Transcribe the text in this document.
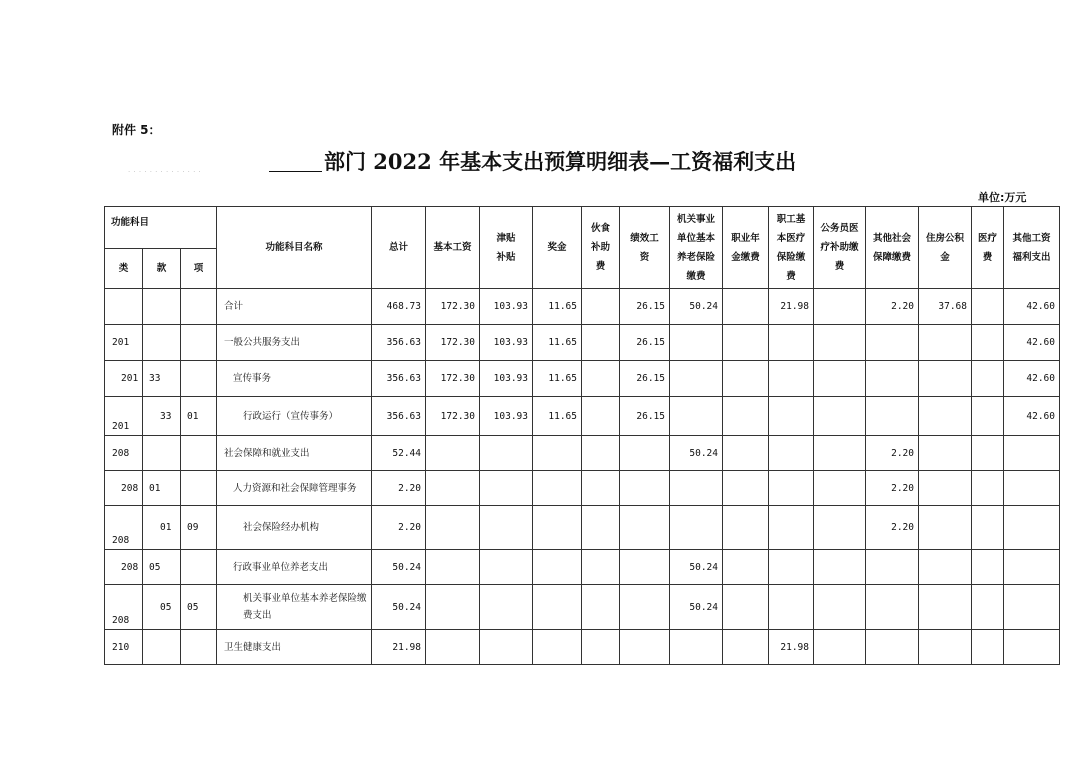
附件 5：
··············	部门 2022 年基本支出预算明细表—工资福利支出
单位:万元
功能科目			功能科目名称	总计	基本工资	津贴补贴	奖金	伙食补助费	绩效工资	机关事业单位基本养老保险缴费	职业年金缴费	职工基本医疗保险缴费	公务员医疗补助缴费	其他社会保障缴费	住房公积金	医疗费	其他工资福利支出
类	款	项															
			合计	468.73	172.30	103.93	11.65		26.15	50.24		21.98		2.20	37.68		42.60
201			一般公共服务支出	356.63	172.30	103.93	11.65		26.15								42.60
201	33		宣传事务	356.63	172.30	103.93	11.65		26.15								42.60
201	33	01	行政运行（宣传事务）	356.63	172.30	103.93	11.65		26.15								42.60
208			社会保障和就业支出	52.44						50.24				2.20			
208	01		人力资源和社会保障管理事务	2.20										2.20			
208	01	09	社会保险经办机构	2.20										2.20			
208	05		行政事业单位养老支出	50.24						50.24							
208	05	05	机关事业单位基本养老保险缴费支出	50.24						50.24							
210			卫生健康支出	21.98								21.98					
